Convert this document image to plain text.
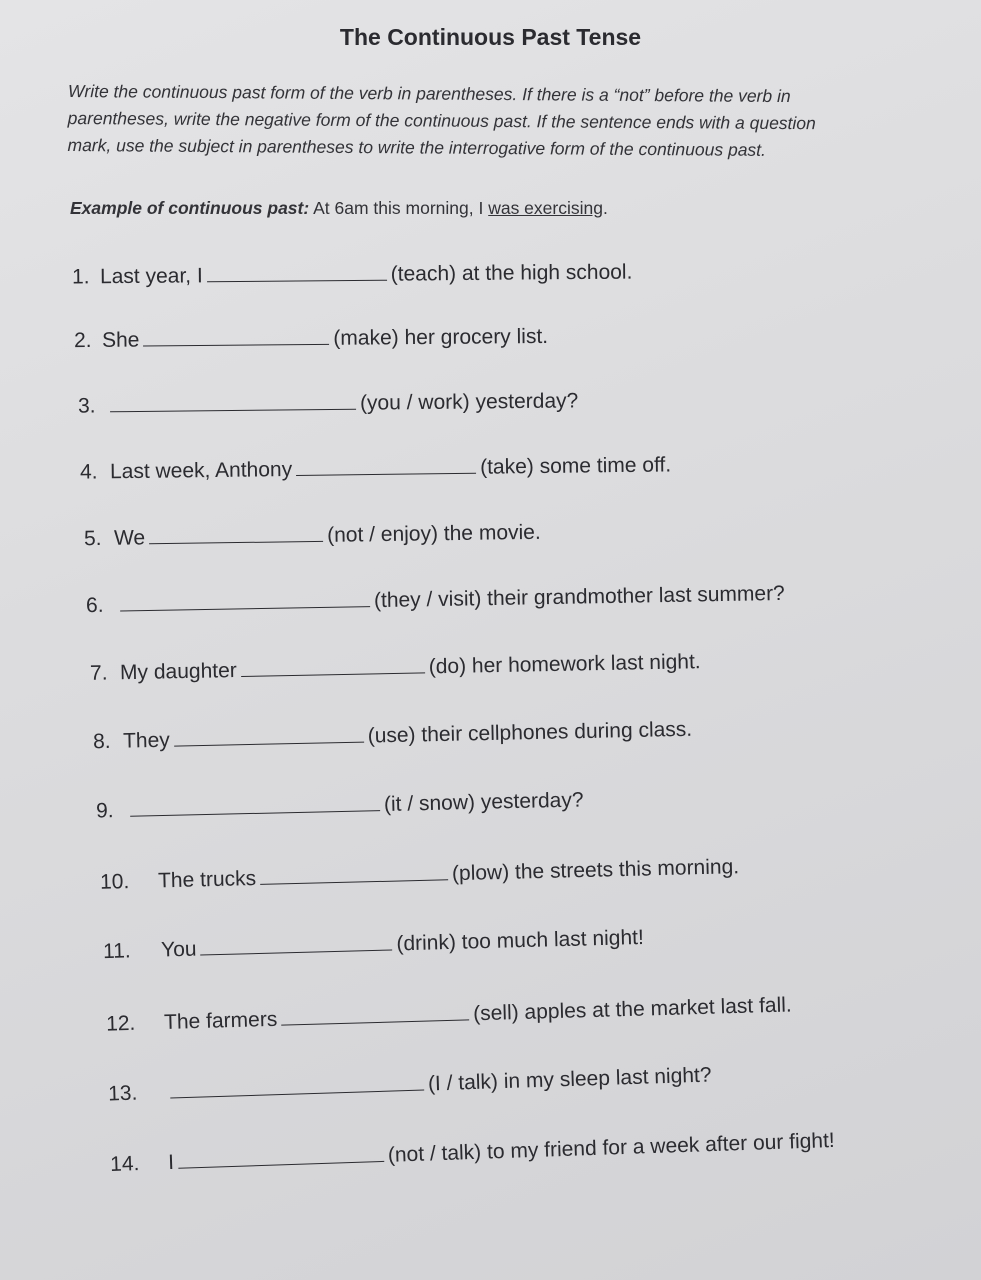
The Continuous Past Tense
Write the continuous past form of the verb in parentheses. If there is a “not” before the verb in parentheses, write the negative form of the continuous past. If the sentence ends with a question mark, use the subject in parentheses to write the interrogative form of the continuous past.
Example of continuous past: At 6am this morning, I was exercising.
1. Last year, I	(teach) at the high school.
2. She	(make) her grocery list.
3.	(you / work) yesterday?
4. Last week, Anthony	(take) some time off.
5. We	(not / enjoy) the movie.
6.	(they / visit) their grandmother last summer?
7. My daughter	(do) her homework last night.
8. They	(use) their cellphones during class.
9.	(it / snow) yesterday?
10.	The trucks	(plow) the streets this morning.
11.	You	(drink) too much last night!
12.	The farmers	(sell) apples at the market last fall.
13.	(I / talk) in my sleep last night?
14.	I	(not / talk) to my friend for a week after our fight!
